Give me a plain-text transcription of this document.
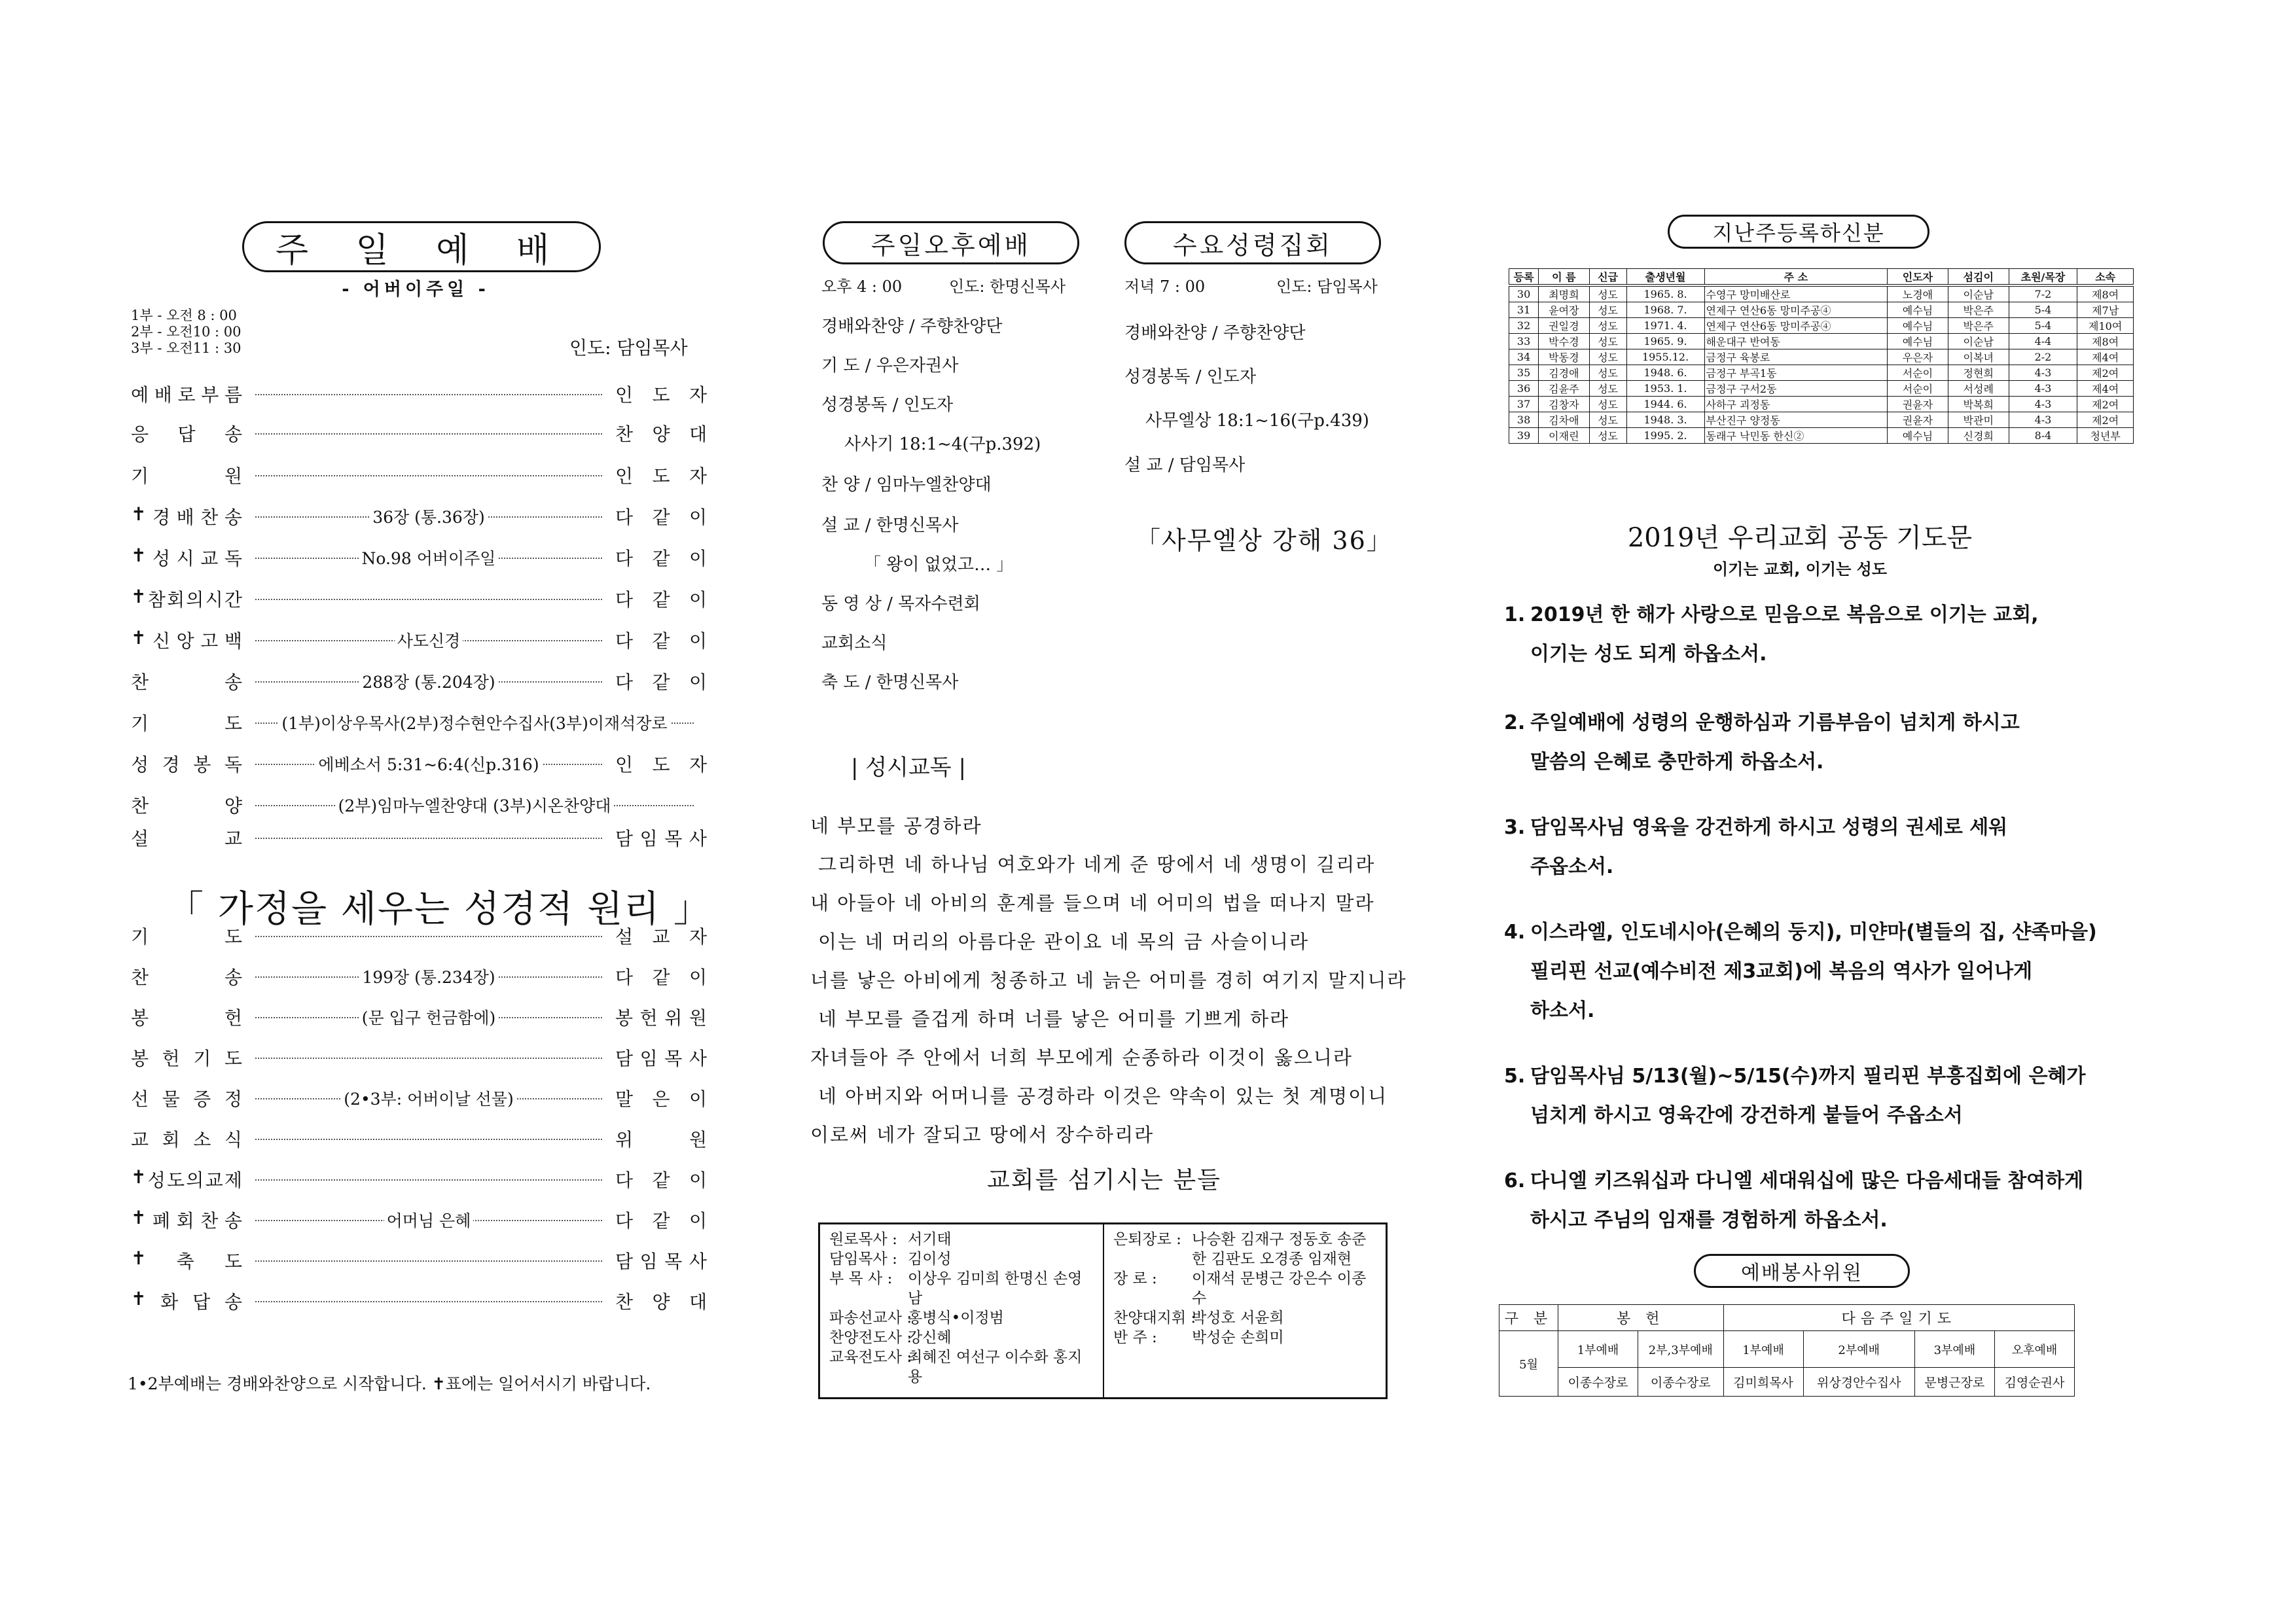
주 일 예 배
- 어버이주일 -
1부 - 오전 8 : 00
2부 - 오전10 : 00
3부 - 오전11 : 30	인도: 담임목사
예 배 로 부 름	인 도 자
응 답 송	찬 양 대
기	원	인 도 자
✝ 경 배 찬 송	36장 (통.36장)	다 같 이
✝ 성 시 교 독	No.98 어버이주일	다 같 이
✝ 참 회 의 시 간	다 같 이
✝ 신 앙 고 백	사도신경	다 같 이
찬	송	288장 (통.204장)	다 같 이
기	도 (1부)이상우목사(2부)정수현안수집사(3부)이재석장로
성 경 봉 독	에베소서 5:31~6:4(신p.316)	인 도 자
찬	양	(2부)임마누엘찬양대 (3부)시온찬양대
설	교	담 임 목 사
「 가정을 세우는 성경적 원리 」
기	도	설 교 자
찬	송	199장 (통.234장)	다 같 이
봉	헌	(문 입구 헌금함에)	봉 헌 위 원
봉 헌 기 도	담 임 목 사
선 물 증 정	(2•3부: 어버이날 선물)	말 은 이
교 회 소 식	위	원
✝ 성 도 의 교 제	다 같 이
✝ 폐 회 찬 송	어머님 은혜	다 같 이
✝ 축 도	담 임 목 사
✝ 화 답 송	찬 양 대
1•2부예배는 경배와찬양으로 시작합니다. ✝표에는 일어서시기 바랍니다.
주일오후예배
오후 4 : 00	인도: 한명신목사
경배와찬양 / 주향찬양단
기 도 / 우은자권사
성경봉독 / 인도자
사사기 18:1~4(구p.392)
찬 양 / 임마누엘찬양대
설 교 / 한명신목사
「 왕이 없었고… 」
동 영 상 / 목자수련회
교회소식
축 도 / 한명신목사
수요성령집회
저녁 7 : 00	인도: 담임목사
경배와찬양 / 주향찬양단
성경봉독 / 인도자
사무엘상 18:1~16(구p.439)
설 교 / 담임목사
「사무엘상 강해 36」
| 성시교독 |
네 부모를 공경하라
그리하면 네 하나님 여호와가 네게 준 땅에서 네 생명이 길리라
내 아들아 네 아비의 훈계를 들으며 네 어미의 법을 떠나지 말라
이는 네 머리의 아름다운 관이요 네 목의 금 사슬이니라
너를 낳은 아비에게 청종하고 네 늙은 어미를 경히 여기지 말지니라
네 부모를 즐겁게 하며 너를 낳은 어미를 기쁘게 하라
자녀들아 주 안에서 너희 부모에게 순종하라 이것이 옳으니라
네 아버지와 어머니를 공경하라 이것은 약속이 있는 첫 계명이니
이로써 네가 잘되고 땅에서 장수하리라
교회를 섬기시는 분들
원로목사 : 서기태
담임목사 : 김이성
부 목 사 :	이상우 김미희 한명신 손영남
파송선교사 :
홍병식•이정범
찬양전도사 :
강신혜
교육전도사 :
최혜진 여선구 이수화 홍지용
은퇴장로 : 나승환 김재구 정동호 송준한 김판도 오경종 임재현
장 로 :	이재석 문병근 강은수 이종수
찬양대지휘 :
박성호 서윤희
반 주 :	박성순 손희미
지난주등록하신분
등록	이 름	신급	출생년월	주 소	인도자	섬김이	초원/목장	소속
30	최명희	성도	1965. 8.	수영구 망미배산로	노경애	이순남	7-2	제8여
31	윤여장	성도	1968. 7.	연제구 연산6동 망미주공④	예수님	박은주	5-4	제7남
32	권일경	성도	1971. 4.	연제구 연산6동 망미주공④	예수님	박은주	5-4	제10여
33	박수경	성도	1965. 9.	해운대구 반여동	예수님	이순남	4-4	제8여
34	박동경	성도	1955.12.	금정구 육봉로	우은자	이복녀	2-2	제4여
35	김경애	성도	1948. 6.	금정구 부곡1동	서순이	정현희	4-3	제2여
36	김윤주	성도	1953. 1.	금정구 구서2동	서순이	서성례	4-3	제4여
37	김창자	성도	1944. 6.	사하구 괴정동	권윤자	박복희	4-3	제2여
38	김차애	성도	1948. 3.	부산진구 양정동	권윤자	박관미	4-3	제2여
39	이재린	성도	1995. 2.	동래구 낙민동 한신②	예수님	신경희	8-4	청년부
2019년 우리교회 공동 기도문
이기는 교회, 이기는 성도
1. 2019년 한 해가 사랑으로 믿음으로 복음으로 이기는 교회,
이기는 성도 되게 하옵소서.
2. 주일예배에 성령의 운행하심과 기름부음이 넘치게 하시고
말씀의 은혜로 충만하게 하옵소서.
3. 담임목사님 영육을 강건하게 하시고 성령의 권세로 세워
주옵소서.
4. 이스라엘, 인도네시아(은혜의 둥지), 미얀마(별들의 집, 샨족마을)
필리핀 선교(예수비전 제3교회)에 복음의 역사가 일어나게
하소서.
5. 담임목사님 5/13(월)~5/15(수)까지 필리핀 부흥집회에 은혜가
넘치게 하시고 영육간에 강건하게 붙들어 주옵소서
6. 다니엘 키즈워십과 다니엘 세대워십에 많은 다음세대들 참여하게
하시고 주님의 임재를 경험하게 하옵소서.
예배봉사위원
구 분	봉 헌		다음주일기도			
5월	1부예배	2부,3부예배	1부예배	2부예배	3부예배	오후예배
	이종수장로	이종수장로	김미희목사	위상경안수집사	문병근장로	김영순권사
